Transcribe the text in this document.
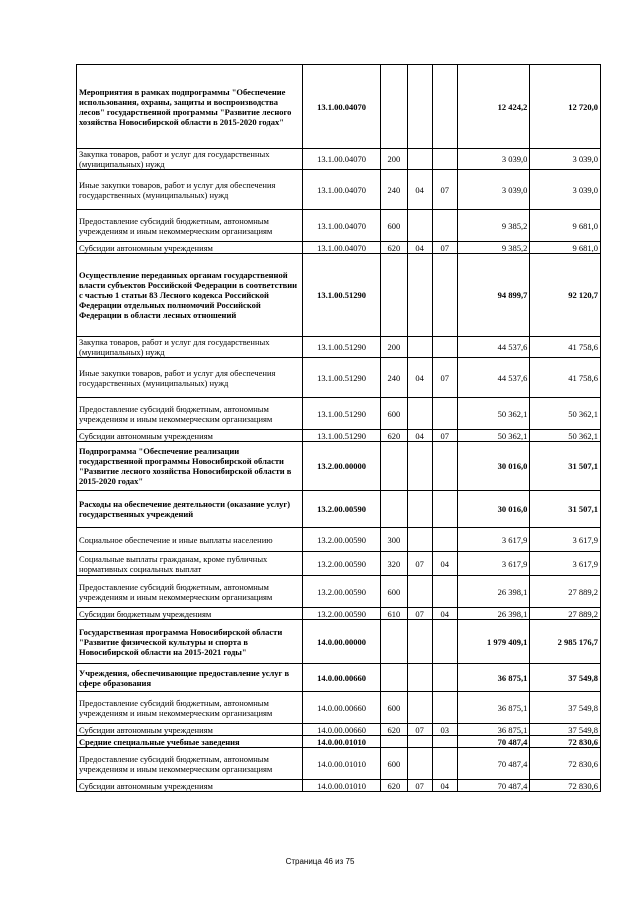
Мероприятия в рамках подпрограммы "Обеспечение использования, охраны, защиты и воспроизводства лесов" государственной программы "Развитие лесного хозяйства Новосибирской области в 2015-2020 годах"	13.1.00.04070				12 424,2	12 720,0
Закупка товаров, работ и услуг для государственных (муниципальных) нужд	13.1.00.04070	200			3 039,0	3 039,0
Иные закупки товаров, работ и услуг для обеспечения государственных (муниципальных) нужд	13.1.00.04070	240	04	07	3 039,0	3 039,0
Предоставление субсидий бюджетным, автономным учреждениям и иным некоммерческим организациям	13.1.00.04070	600			9 385,2	9 681,0
Субсидии автономным учреждениям	13.1.00.04070	620	04	07	9 385,2	9 681,0
Осуществление переданных органам государственной власти субъектов Российской Федерации в соответствии с частью 1 статьи 83 Лесного кодекса Российской Федерации отдельных полномочий Российской Федерации в области лесных отношений	13.1.00.51290				94 899,7	92 120,7
Закупка товаров, работ и услуг для государственных (муниципальных) нужд	13.1.00.51290	200			44 537,6	41 758,6
Иные закупки товаров, работ и услуг для обеспечения государственных (муниципальных) нужд	13.1.00.51290	240	04	07	44 537,6	41 758,6
Предоставление субсидий бюджетным, автономным учреждениям и иным некоммерческим организациям	13.1.00.51290	600			50 362,1	50 362,1
Субсидии автономным учреждениям	13.1.00.51290	620	04	07	50 362,1	50 362,1
Подпрограмма "Обеспечение реализации государственной программы Новосибирской области "Развитие лесного хозяйства Новосибирской области в 2015-2020 годах"	13.2.00.00000				30 016,0	31 507,1
Расходы на обеспечение деятельности (оказание услуг) государственных учреждений	13.2.00.00590				30 016,0	31 507,1
Социальное обеспечение и иные выплаты населению	13.2.00.00590	300			3 617,9	3 617,9
Социальные выплаты гражданам, кроме публичных нормативных социальных выплат	13.2.00.00590	320	07	04	3 617,9	3 617,9
Предоставление субсидий бюджетным, автономным учреждениям и иным некоммерческим организациям	13.2.00.00590	600			26 398,1	27 889,2
Субсидии бюджетным учреждениям	13.2.00.00590	610	07	04	26 398,1	27 889,2
Государственная программа Новосибирской области "Развитие физической культуры и спорта в Новосибирской области на 2015-2021 годы"	14.0.00.00000				1 979 409,1	2 985 176,7
Учреждения, обеспечивающие предоставление услуг в сфере образования	14.0.00.00660				36 875,1	37 549,8
Предоставление субсидий бюджетным, автономным учреждениям и иным некоммерческим организациям	14.0.00.00660	600			36 875,1	37 549,8
Субсидии автономным учреждениям	14.0.00.00660	620	07	03	36 875,1	37 549,8
Средние специальные учебные заведения	14.0.00.01010				70 487,4	72 830,6
Предоставление субсидий бюджетным, автономным учреждениям и иным некоммерческим организациям	14.0.00.01010	600			70 487,4	72 830,6
Субсидии автономным учреждениям	14.0.00.01010	620	07	04	70 487,4	72 830,6
Страница 46 из 75
